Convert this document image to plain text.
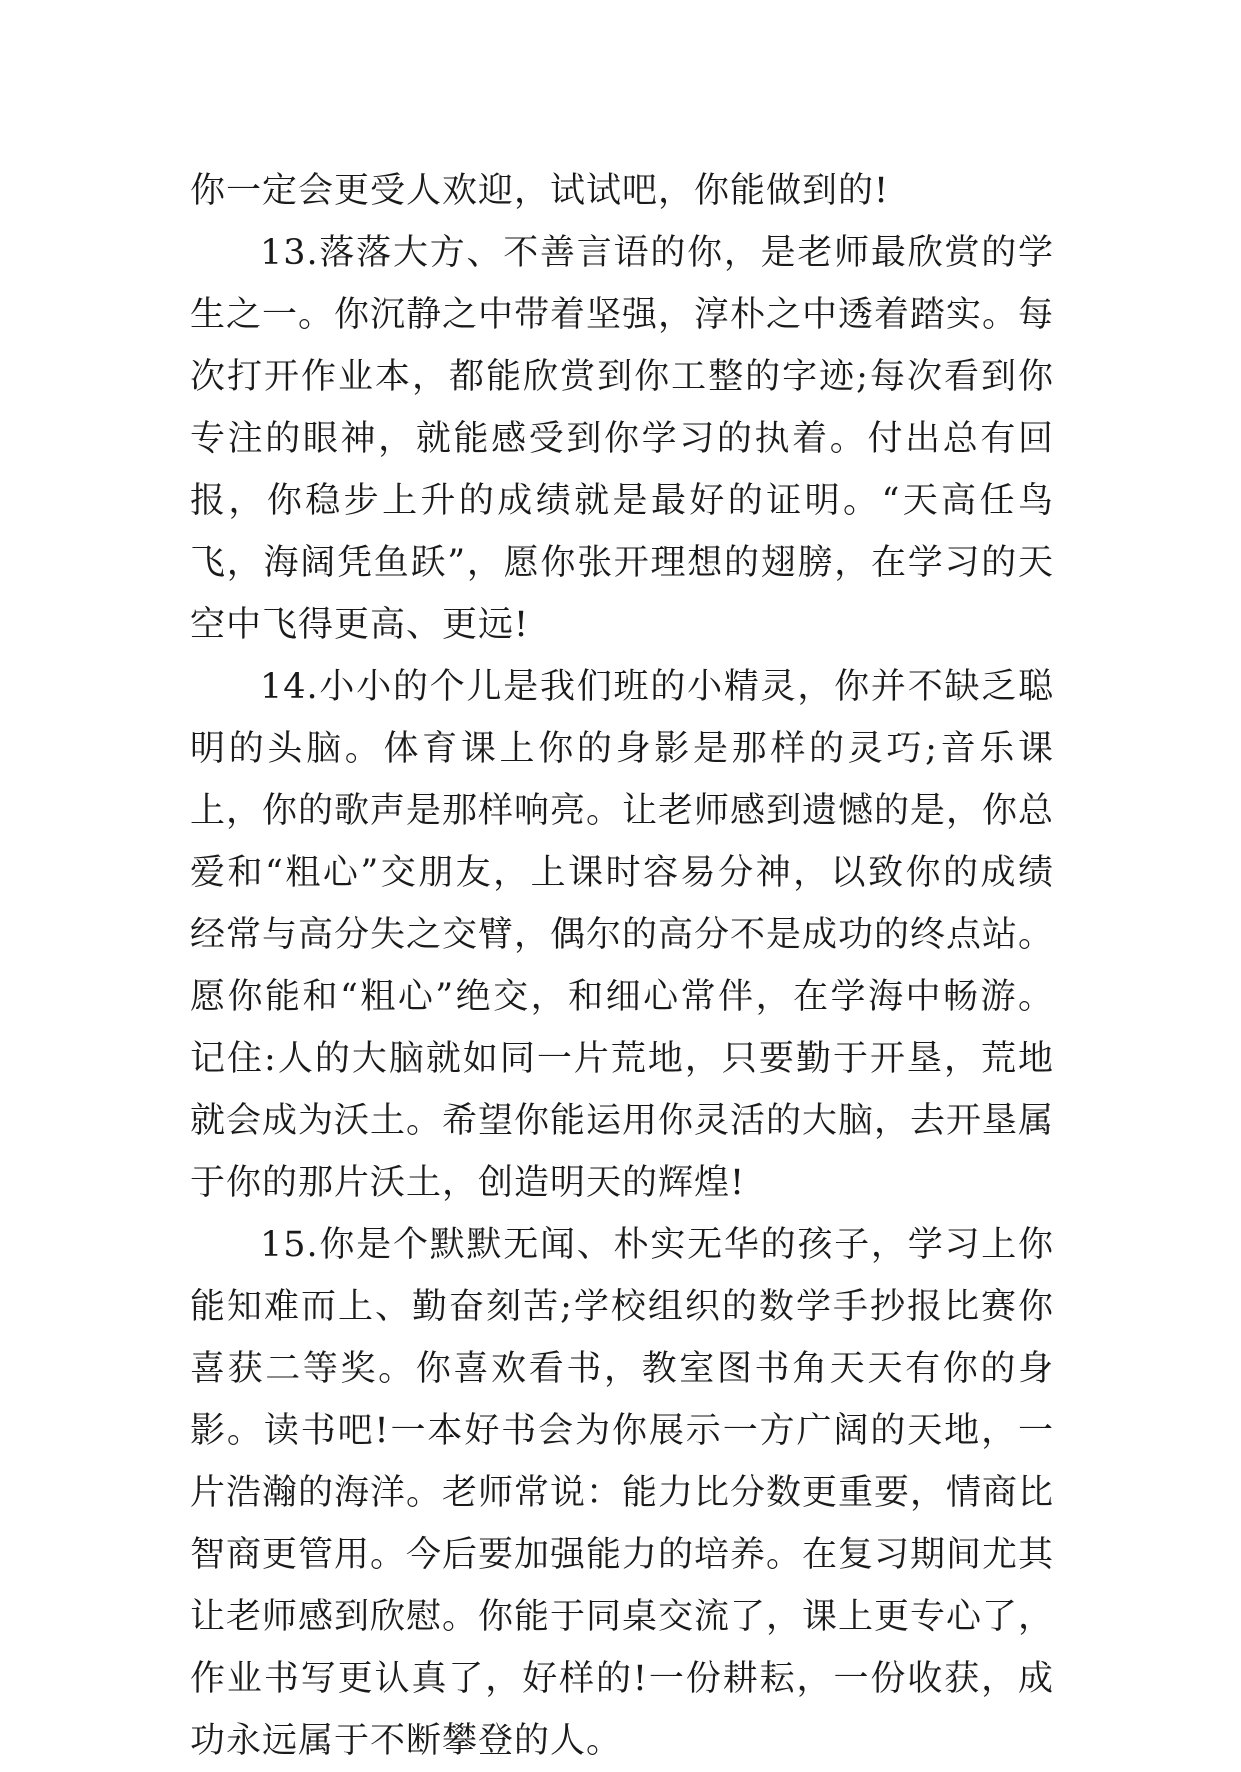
你一定会更受人欢迎，试试吧，你能做到的!

13.落落大方、不善言语的你，是老师最欣赏的学生之一。你沉静之中带着坚强，淳朴之中透着踏实。每次打开作业本，都能欣赏到你工整的字迹;每次看到你专注的眼神，就能感受到你学习的执着。付出总有回报，你稳步上升的成绩就是最好的证明。“天高任鸟飞，海阔凭鱼跃”，愿你张开理想的翅膀，在学习的天空中飞得更高、更远!

14.小小的个儿是我们班的小精灵，你并不缺乏聪明的头脑。体育课上你的身影是那样的灵巧;音乐课上，你的歌声是那样响亮。让老师感到遗憾的是，你总爱和“粗心”交朋友，上课时容易分神，以致你的成绩经常与高分失之交臂，偶尔的高分不是成功的终点站。愿你能和“粗心”绝交，和细心常伴，在学海中畅游。记住:人的大脑就如同一片荒地，只要勤于开垦，荒地就会成为沃土。希望你能运用你灵活的大脑，去开垦属于你的那片沃土，创造明天的辉煌!

15.你是个默默无闻、朴实无华的孩子，学习上你能知难而上、勤奋刻苦;学校组织的数学手抄报比赛你喜获二等奖。你喜欢看书，教室图书角天天有你的身影。读书吧!一本好书会为你展示一方广阔的天地，一片浩瀚的海洋。老师常说：能力比分数更重要，情商比智商更管用。今后要加强能力的培养。在复习期间尤其让老师感到欣慰。你能于同桌交流了，课上更专心了，作业书写更认真了，好样的!一份耕耘，一份收获，成功永远属于不断攀登的人。
